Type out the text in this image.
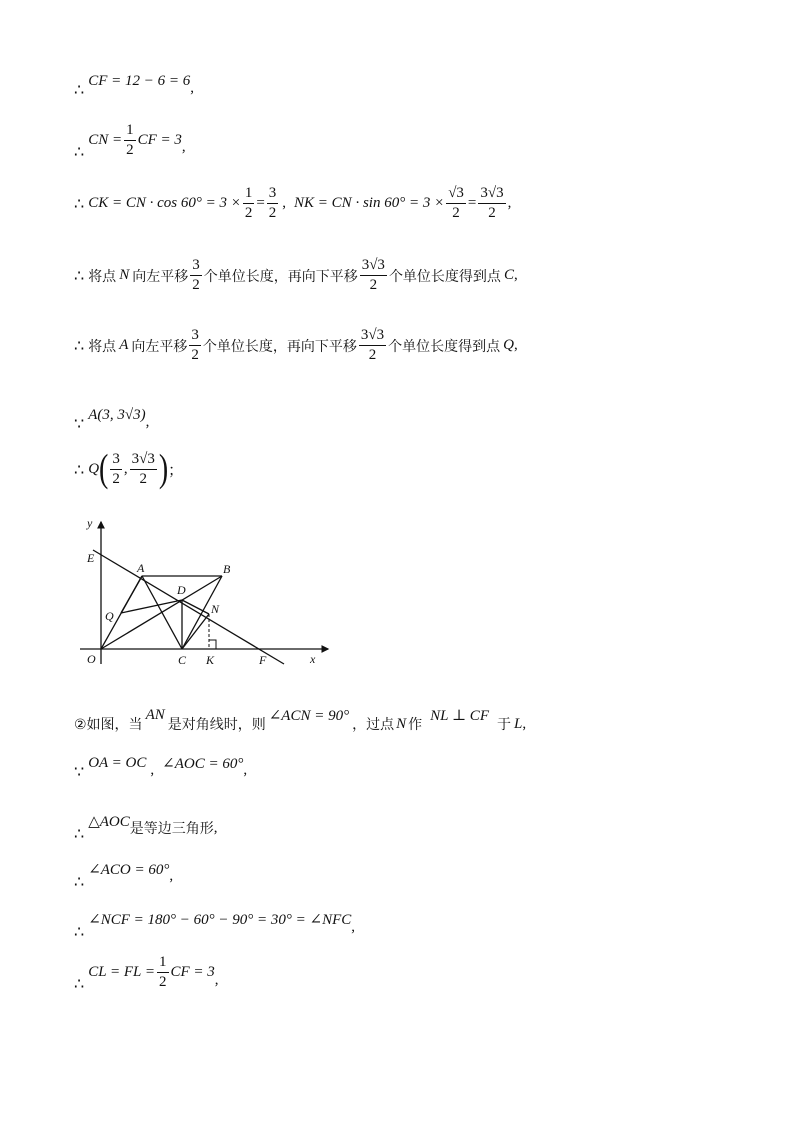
∴
CF = 12 − 6 = 6 ,
∴
CN = $\frac{1}{2}$ CF = 3 ,
∴ CK = CN · $\cos 60^\circ = 3 \times \frac{1}{2} = \frac{3}{2}$ , NK = CN · $\sin 60^\circ = 3 \times \frac{√3}{2} = \frac{3√3}{2}$ ,
∴ 将点 N 向左平移 $\frac{3}{2}$ 个单位长度，再向下平移 $\frac{3√3}{2}$ 个单位长度得到点 C ,
∴ 将点 A 向左平移 $\frac{3}{2}$ 个单位长度，再向下平移 $\frac{3√3}{2}$ 个单位长度得到点 Q ,
∵
A(3, 3√3) ,
∴ Q ( $\frac{3}{2}$ , $\frac{3√3}{2}$ ) ；
y
x
E
A	B
D
N
Q
O	C K	F
②如图，当
AN
是对角线时，则
∠ACN = 90°
，过点 N 作
NL ⊥ CF
于 L ,
∵
OA = OC , ∠AOC = 60° ,
∴
△AOC 是等边三角形 ,
∴
∠ACO = 60° ,
∴
∠NCF = 180° − 60° − 90° = 30° = ∠NFC ,
∴
CL = FL = $\frac{1}{2}$ CF = 3 ,
